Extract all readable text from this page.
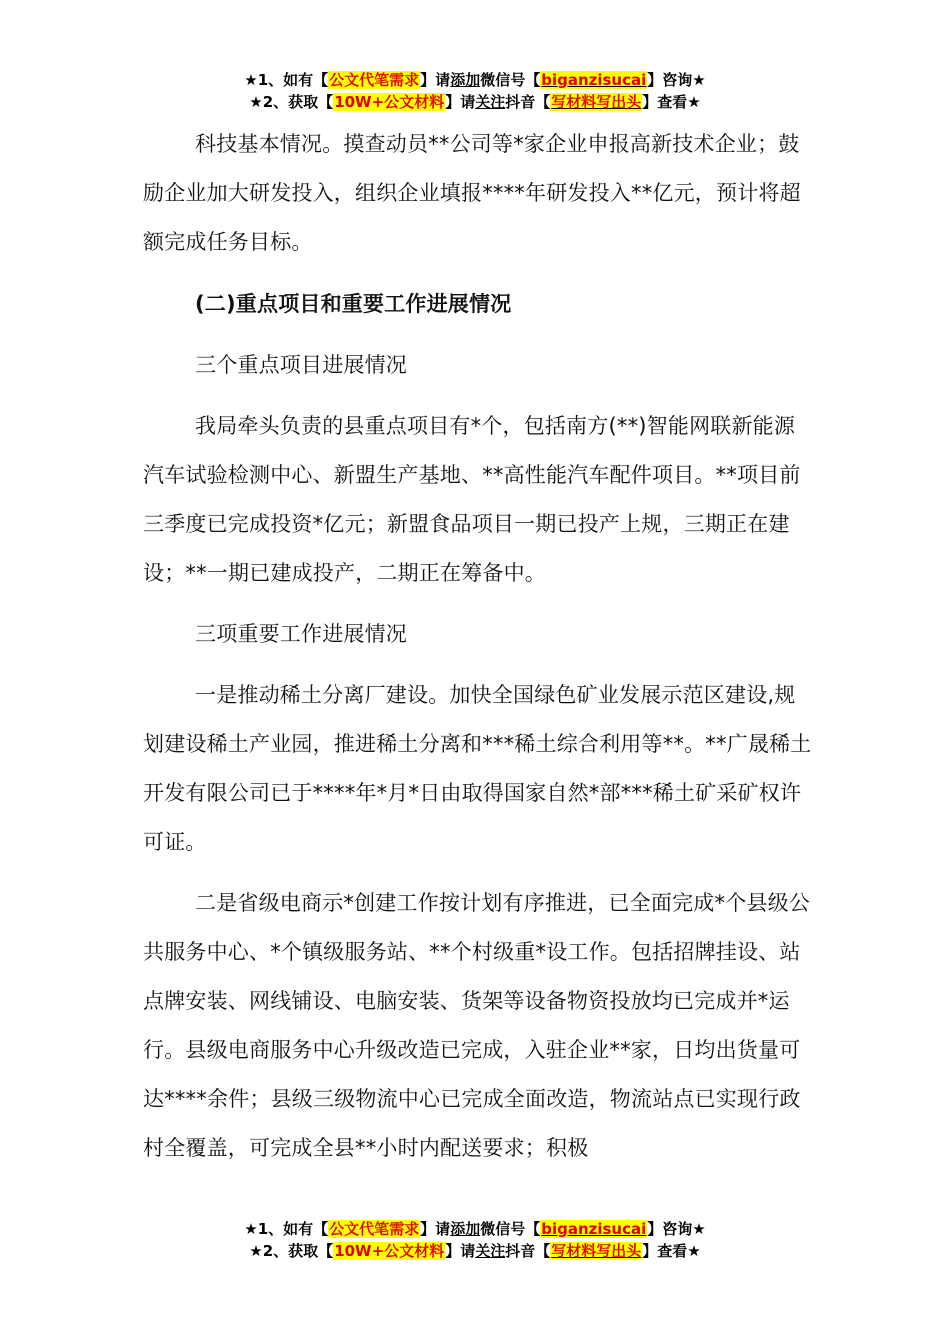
★1、如有【公文代笔需求】请添加微信号【biganzisucai】咨询★
★2、获取【10W+公文材料】请关注抖音【写材料写出头】查看★

科技基本情况。摸查动员**公司等*家企业申报高新技术企业；鼓励企业加大研发投入，组织企业填报****年研发投入**亿元，预计将超额完成任务目标。

(二)重点项目和重要工作进展情况

三个重点项目进展情况

我局牵头负责的县重点项目有*个，包括南方(**)智能网联新能源汽车试验检测中心、新盟生产基地、**高性能汽车配件项目。**项目前三季度已完成投资*亿元；新盟食品项目一期已投产上规，三期正在建设；**一期已建成投产，二期正在筹备中。

三项重要工作进展情况

一是推动稀土分离厂建设。加快全国绿色矿业发展示范区建设,规划建设稀土产业园，推进稀土分离和***稀土综合利用等**。**广晟稀土开发有限公司已于****年*月*日由取得国家自然*部***稀土矿采矿权许可证。

二是省级电商示*创建工作按计划有序推进，已全面完成*个县级公共服务中心、*个镇级服务站、**个村级重*设工作。包括招牌挂设、站点牌安装、网线铺设、电脑安装、货架等设备物资投放均已完成并*运行。县级电商服务中心升级改造已完成，入驻企业**家，日均出货量可达****余件；县级三级物流中心已完成全面改造，物流站点已实现行政村全覆盖，可完成全县**小时内配送要求；积极

★1、如有【公文代笔需求】请添加微信号【biganzisucai】咨询★
★2、获取【10W+公文材料】请关注抖音【写材料写出头】查看★
